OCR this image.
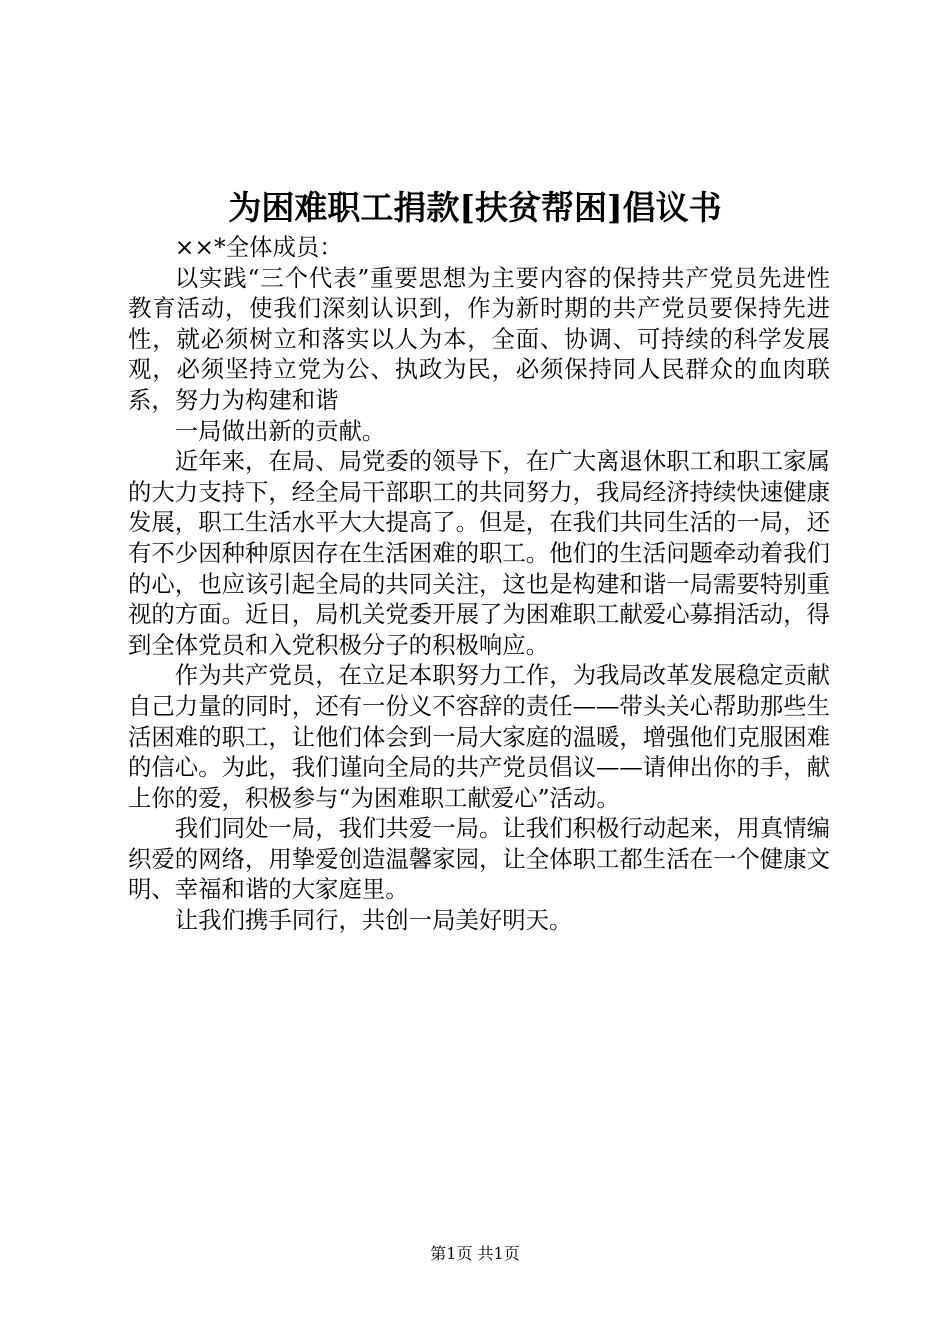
为困难职工捐款[扶贫帮困]倡议书

××*全体成员：

以实践“三个代表”重要思想为主要内容的保持共产党员先进性教育活动，使我们深刻认识到，作为新时期的共产党员要保持先进性，就必须树立和落实以人为本，全面、协调、可持续的科学发展观，必须坚持立党为公、执政为民，必须保持同人民群众的血肉联系，努力为构建和谐

一局做出新的贡献。

近年来，在局、局党委的领导下，在广大离退休职工和职工家属的大力支持下，经全局干部职工的共同努力，我局经济持续快速健康发展，职工生活水平大大提高了。但是，在我们共同生活的一局，还有不少因种种原因存在生活困难的职工。他们的生活问题牵动着我们的心，也应该引起全局的共同关注，这也是构建和谐一局需要特别重视的方面。近日，局机关党委开展了为困难职工献爱心募捐活动，得到全体党员和入党积极分子的积极响应。

作为共产党员，在立足本职努力工作，为我局改革发展稳定贡献自己力量的同时，还有一份义不容辞的责任——带头关心帮助那些生活困难的职工，让他们体会到一局大家庭的温暖，增强他们克服困难的信心。为此，我们谨向全局的共产党员倡议——请伸出你的手，献上你的爱，积极参与“为困难职工献爱心”活动。

我们同处一局，我们共爱一局。让我们积极行动起来，用真情编织爱的网络，用挚爱创造温馨家园，让全体职工都生活在一个健康文明、幸福和谐的大家庭里。

让我们携手同行，共创一局美好明天。

第1页 共1页
